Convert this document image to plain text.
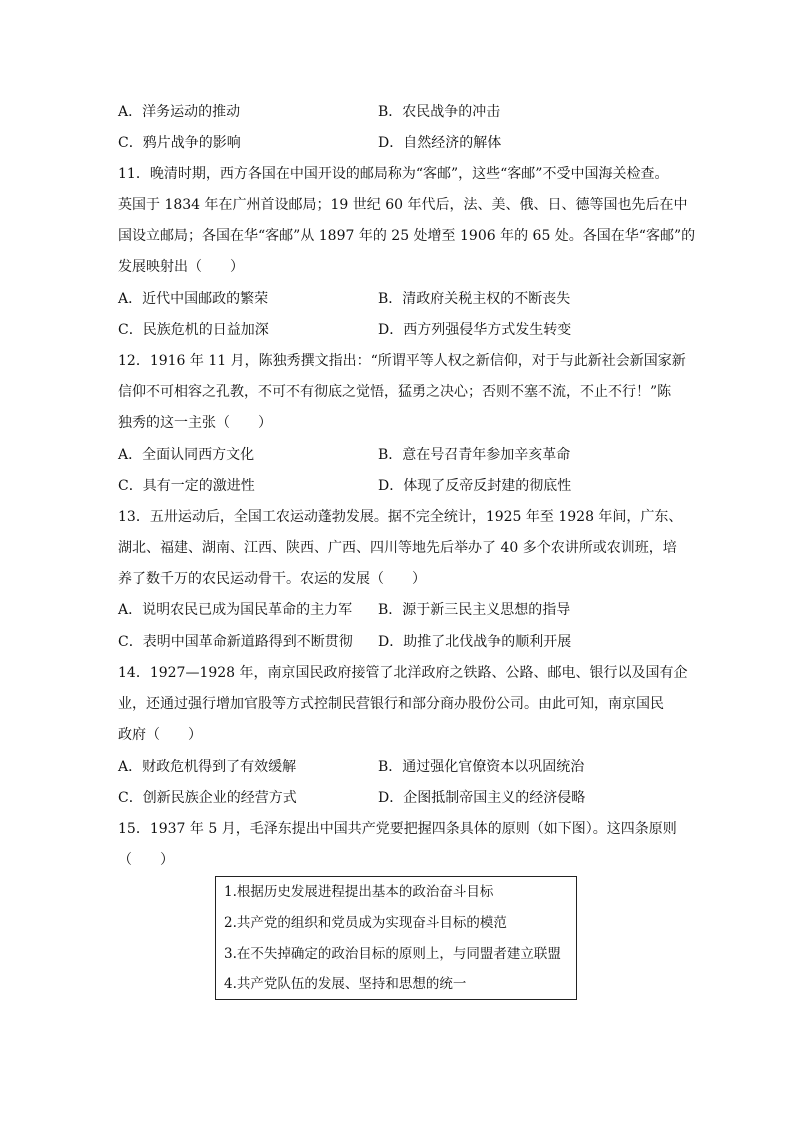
A．洋务运动的推动	B．农民战争的冲击
C．鸦片战争的影响	D．自然经济的解体
11．晚清时期，西方各国在中国开设的邮局称为“客邮”，这些“客邮”不受中国海关检查。
英国于 1834 年在广州首设邮局；19 世纪 60 年代后，法、美、俄、日、德等国也先后在中
国设立邮局；各国在华“客邮”从 1897 年的 25 处增至 1906 年的 65 处。各国在华“客邮”的
发展映射出（　　）
A．近代中国邮政的繁荣	B．清政府关税主权的不断丧失
C．民族危机的日益加深	D．西方列强侵华方式发生转变
12．1916 年 11 月，陈独秀撰文指出：“所谓平等人权之新信仰，对于与此新社会新国家新
信仰不可相容之孔教，不可不有彻底之觉悟，猛勇之决心；否则不塞不流，不止不行！”陈
独秀的这一主张（　　）
A．全面认同西方文化	B．意在号召青年参加辛亥革命
C．具有一定的激进性	D．体现了反帝反封建的彻底性
13．五卅运动后，全国工农运动蓬勃发展。据不完全统计，1925 年至 1928 年间，广东、
湖北、福建、湖南、江西、陕西、广西、四川等地先后举办了 40 多个农讲所或农训班，培
养了数千万的农民运动骨干。农运的发展（　　）
A．说明农民已成为国民革命的主力军 B．源于新三民主义思想的指导
C．表明中国革命新道路得到不断贯彻 D．助推了北伐战争的顺利开展
14．1927—1928 年，南京国民政府接管了北洋政府之铁路、公路、邮电、银行以及国有企
业，还通过强行增加官股等方式控制民营银行和部分商办股份公司。由此可知，南京国民
政府（　　）
A．财政危机得到了有效缓解	B．通过强化官僚资本以巩固统治
C．创新民族企业的经营方式	D．企图抵制帝国主义的经济侵略
15．1937 年 5 月，毛泽东提出中国共产党要把握四条具体的原则（如下图）。这四条原则
（　　）
1.根据历史发展进程提出基本的政治奋斗目标
2.共产党的组织和党员成为实现奋斗目标的模范
3.在不失掉确定的政治目标的原则上，与同盟者建立联盟
4.共产党队伍的发展、坚持和思想的统一
